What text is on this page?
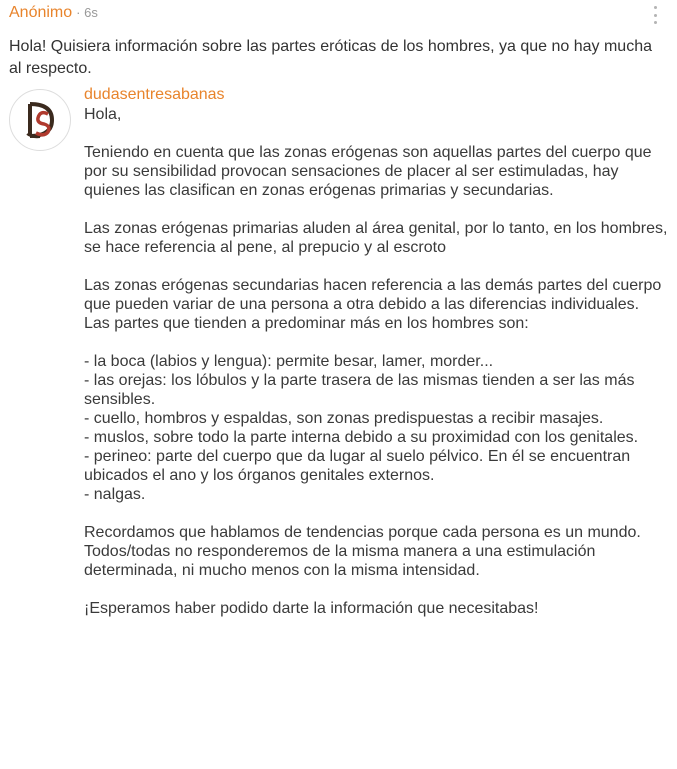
Anónimo · 6s

Hola! Quisiera información sobre las partes eróticas de los hombres, ya que no hay mucha al respecto.

dudasentresabanas

Hola,

Teniendo en cuenta que las zonas erógenas son aquellas partes del cuerpo que por su sensibilidad provocan sensaciones de placer al ser estimuladas, hay quienes las clasifican en zonas erógenas primarias y secundarias.

Las zonas erógenas primarias aluden al área genital, por lo tanto, en los hombres, se hace referencia al pene, al prepucio y al escroto

Las zonas erógenas secundarias hacen referencia a las demás partes del cuerpo que pueden variar de una persona a otra debido a las diferencias individuales. Las partes que tienden a predominar más en los hombres son:

- la boca (labios y lengua): permite besar, lamer, morder...
- las orejas: los lóbulos y la parte trasera de las mismas tienden a ser las más sensibles.
- cuello, hombros y espaldas, son zonas predispuestas a recibir masajes.
- muslos, sobre todo la parte interna debido a su proximidad con los genitales.
- perineo: parte del cuerpo que da lugar al suelo pélvico. En él se encuentran ubicados el ano y los órganos genitales externos.
- nalgas.

Recordamos que hablamos de tendencias porque cada persona es un mundo. Todos/todas no responderemos de la misma manera a una estimulación determinada, ni mucho menos con la misma intensidad.

¡Esperamos haber podido darte la información que necesitabas!
